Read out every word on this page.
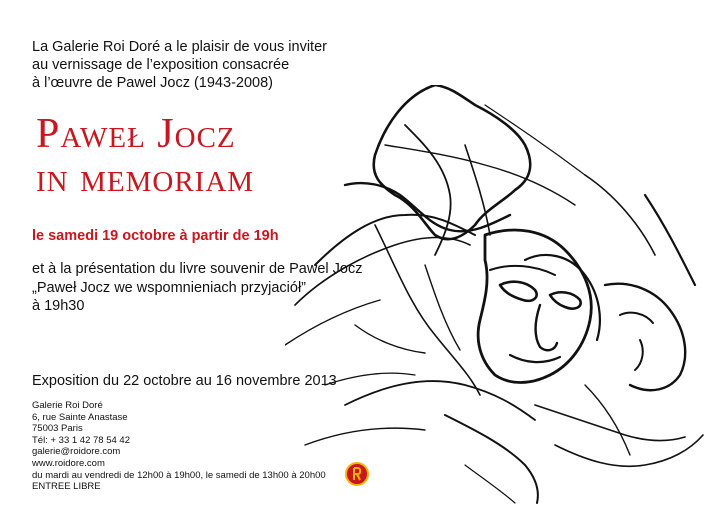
La Galerie Roi Doré a le plaisir de vous inviter
au vernissage de l’exposition consacrée
à l’œuvre de Pawel Jocz (1943-2008)
Paweł Jocz
in memoriam
le samedi 19 octobre à partir de 19h
et à la présentation du livre souvenir de Pawel Jocz
„Paweł Jocz we wspomnieniach przyjaciół”
à 19h30
Exposition du 22 octobre au 16 novembre 2013
Galerie Roi Doré
6, rue Sainte Anastase
75003 Paris
Tél: + 33 1 42 78 54 42
galerie@roidore.com
www.roidore.com
du mardi au vendredi de 12h00 à 19h00, le samedi de 13h00 à 20h00
ENTREE LIBRE
